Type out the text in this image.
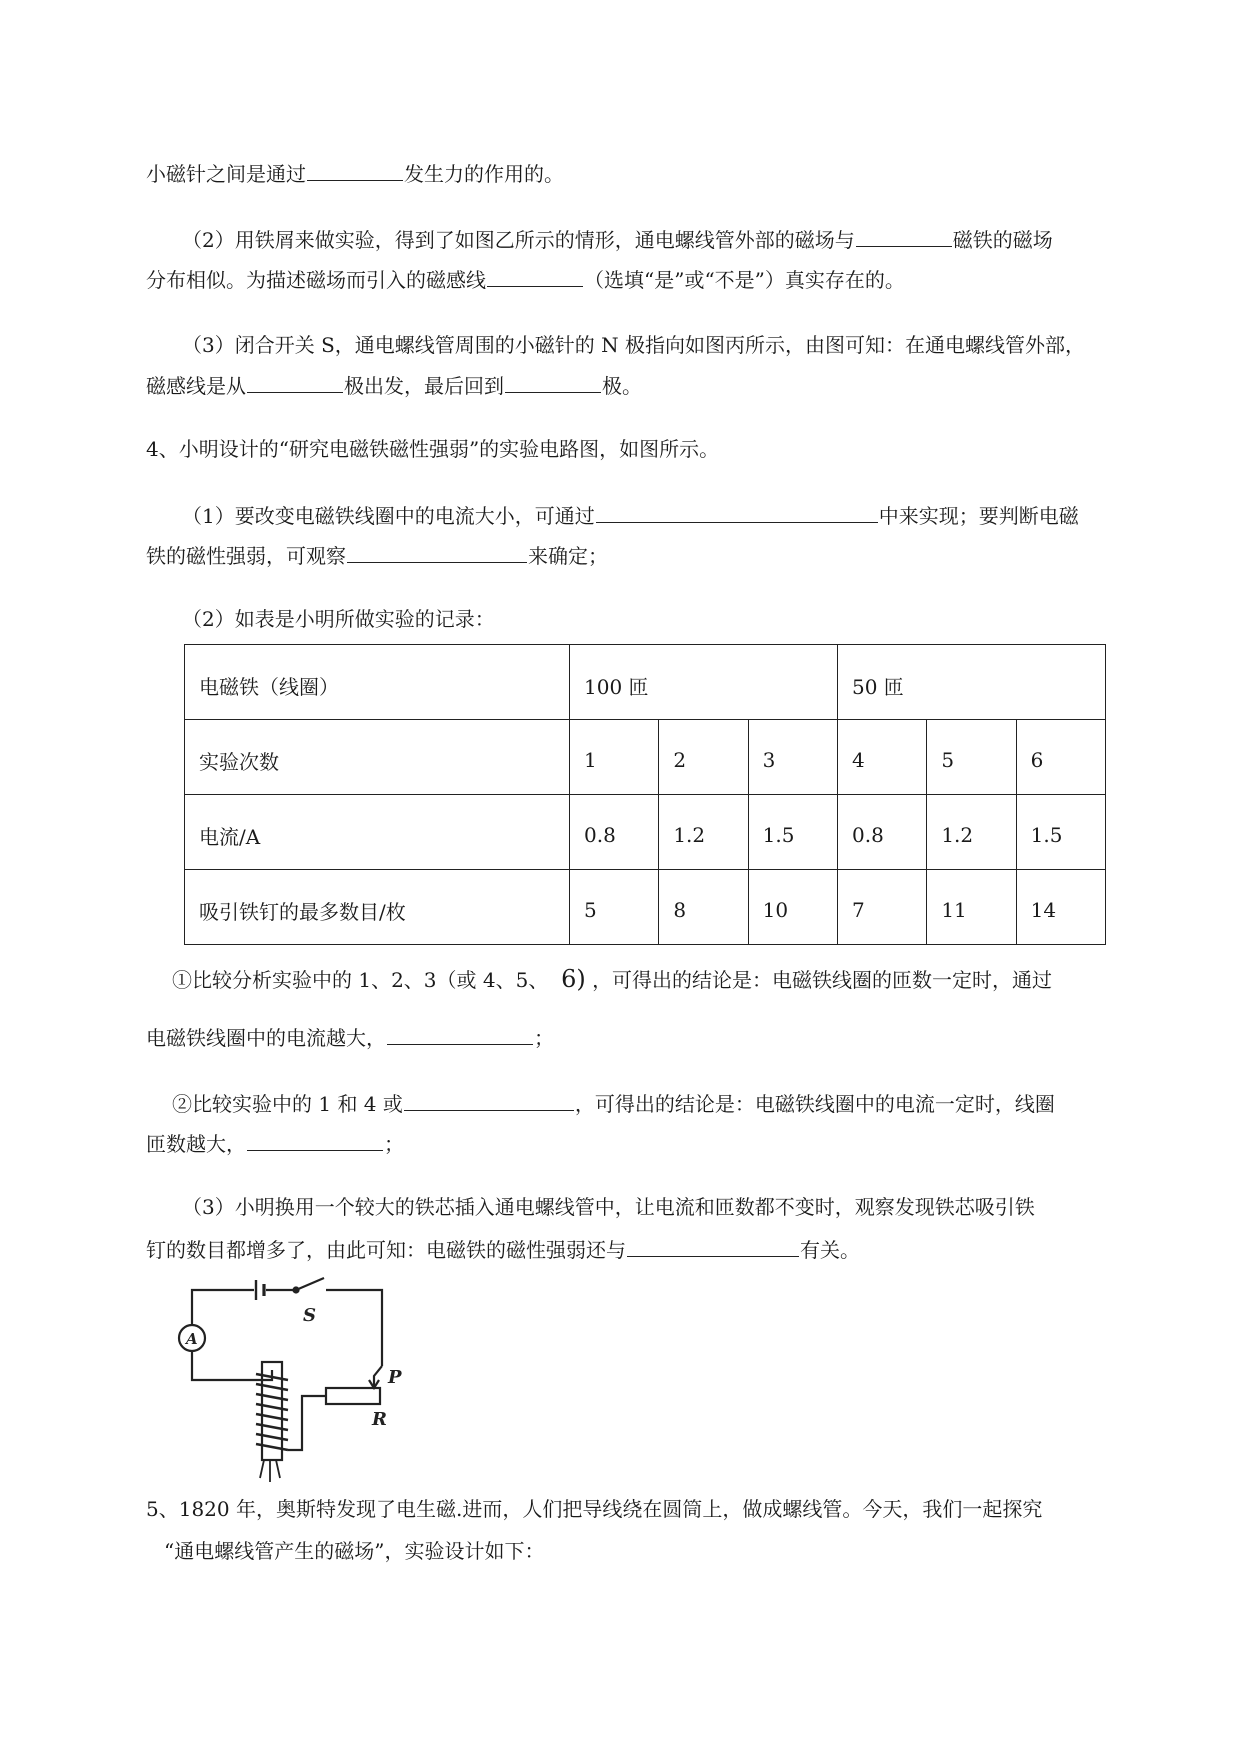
小磁针之间是通过	发生力的作用的。
（2）用铁屑来做实验，得到了如图乙所示的情形，通电螺线管外部的磁场与	磁铁的磁场
分布相似。为描述磁场而引入的磁感线	（选填“是”或“不是”）真实存在的。
（3）闭合开关 S，通电螺线管周围的小磁针的 N 极指向如图丙所示，由图可知：在通电螺线管外部，
磁感线是从	极出发，最后回到	极。
4、小明设计的“研究电磁铁磁性强弱”的实验电路图，如图所示。
（1）要改变电磁铁线圈中的电流大小，可通过	中来实现；要判断电磁
铁的磁性强弱，可观察	来确定；
（2）如表是小明所做实验的记录：
电磁铁（线圈）	100 匝			50 匝		
实验次数	1	2	3	4	5	6
电流/A	0.8	1.2	1.5	0.8	1.2	1.5
吸引铁钉的最多数目/枚	5	8	10	7	11	14
①比较分析实验中的 1、2、3（或 4、5、 6) ，可得出的结论是：电磁铁线圈的匝数一定时，通过
电磁铁线圈中的电流越大，	；
②比较实验中的 1 和 4 或	，可得出的结论是：电磁铁线圈中的电流一定时，线圈
匝数越大，	；
（3）小明换用一个较大的铁芯插入通电螺线管中，让电流和匝数都不变时，观察发现铁芯吸引铁
钉的数目都增多了，由此可知：电磁铁的磁性强弱还与	有关。
A
S
P
R
5、1820 年，奥斯特发现了电生磁.进而，人们把导线绕在圆筒上，做成螺线管。今天，我们一起探究
“通电螺线管产生的磁场”，实验设计如下：
